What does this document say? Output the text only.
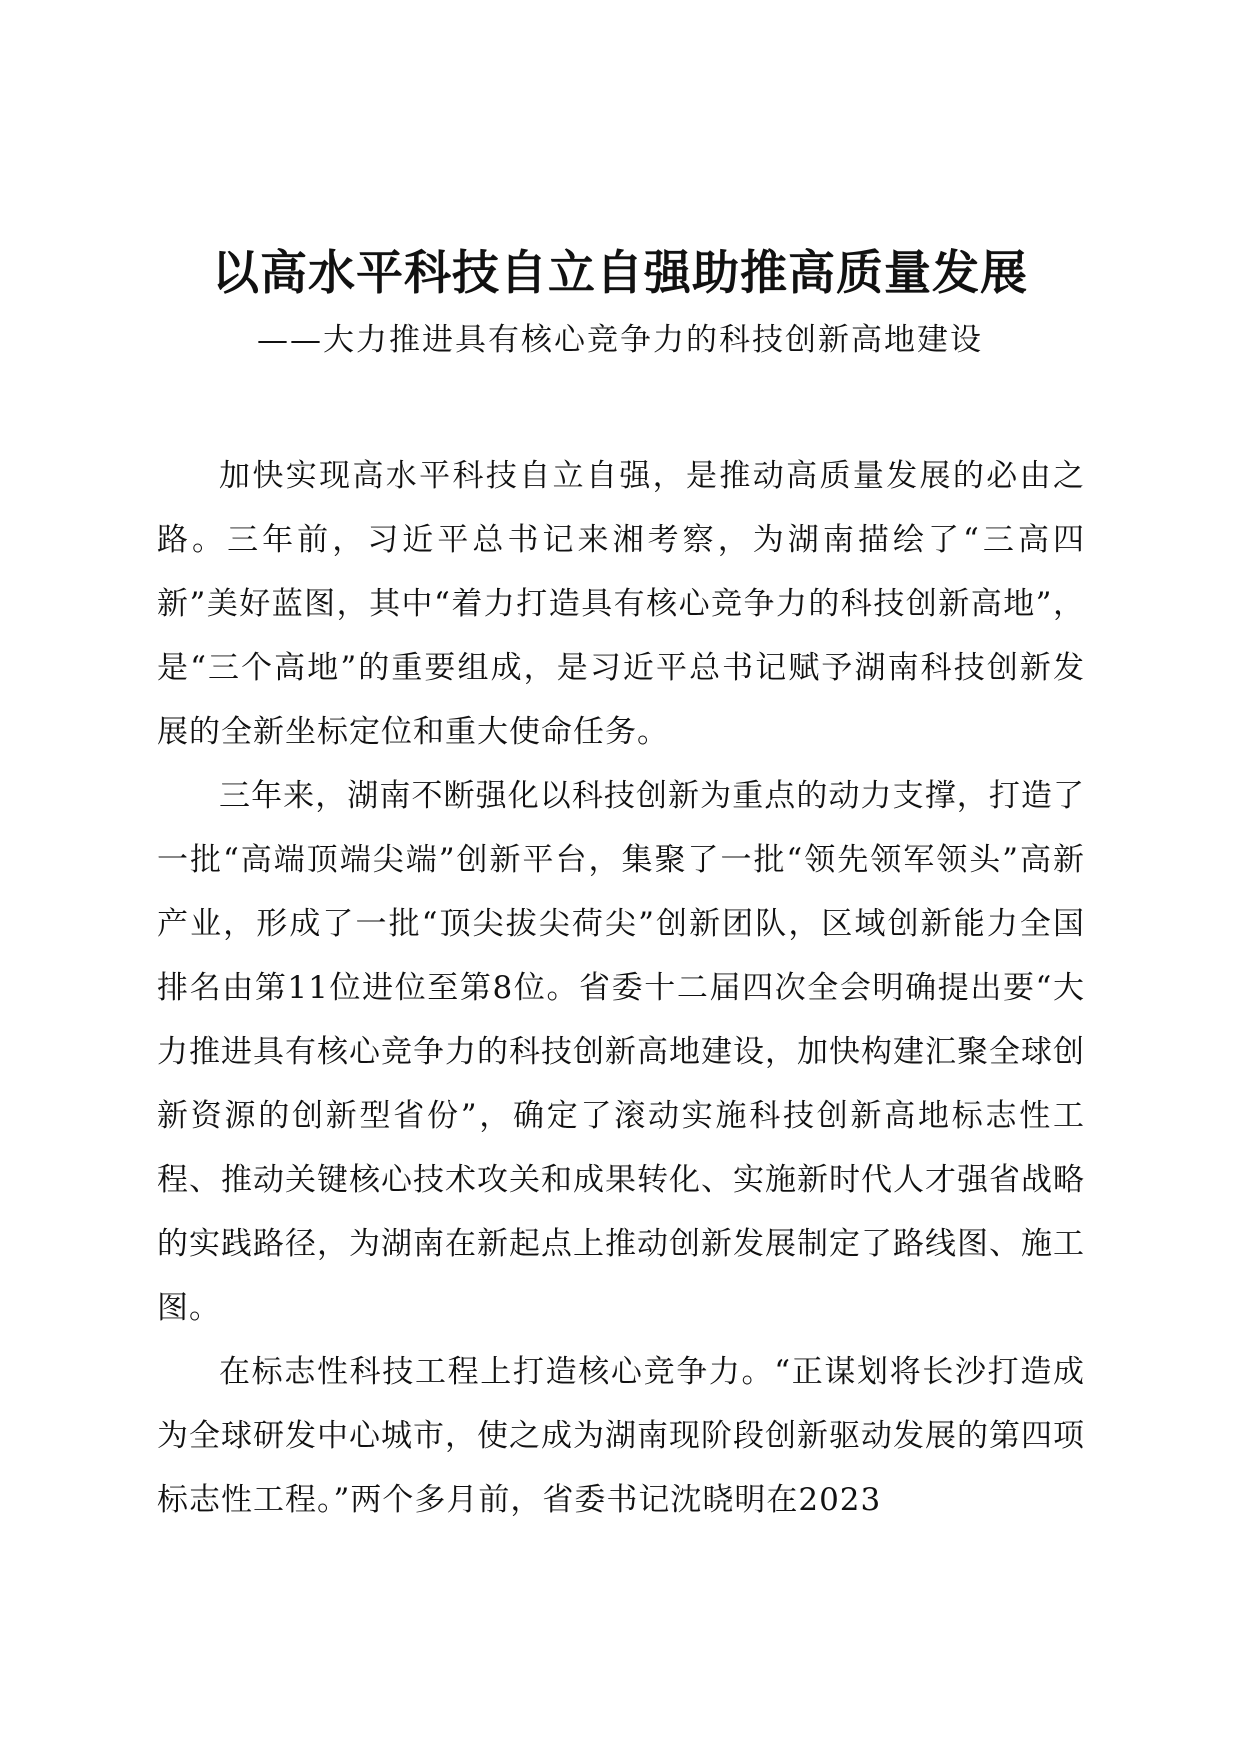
以高水平科技自立自强助推高质量发展
——大力推进具有核心竞争力的科技创新高地建设

加快实现高水平科技自立自强，是推动高质量发展的必由之路。三年前，习近平总书记来湘考察，为湖南描绘了“三高四新”美好蓝图，其中“着力打造具有核心竞争力的科技创新高地”，是“三个高地”的重要组成，是习近平总书记赋予湖南科技创新发展的全新坐标定位和重大使命任务。

三年来，湖南不断强化以科技创新为重点的动力支撑，打造了一批“高端顶端尖端”创新平台，集聚了一批“领先领军领头”高新产业，形成了一批“顶尖拔尖荷尖”创新团队，区域创新能力全国排名由第11位进位至第8位。省委十二届四次全会明确提出要“大力推进具有核心竞争力的科技创新高地建设，加快构建汇聚全球创新资源的创新型省份”，确定了滚动实施科技创新高地标志性工程、推动关键核心技术攻关和成果转化、实施新时代人才强省战略的实践路径，为湖南在新起点上推动创新发展制定了路线图、施工图。

在标志性科技工程上打造核心竞争力。“正谋划将长沙打造成为全球研发中心城市，使之成为湖南现阶段创新驱动发展的第四项标志性工程。”两个多月前，省委书记沈晓明在2023
